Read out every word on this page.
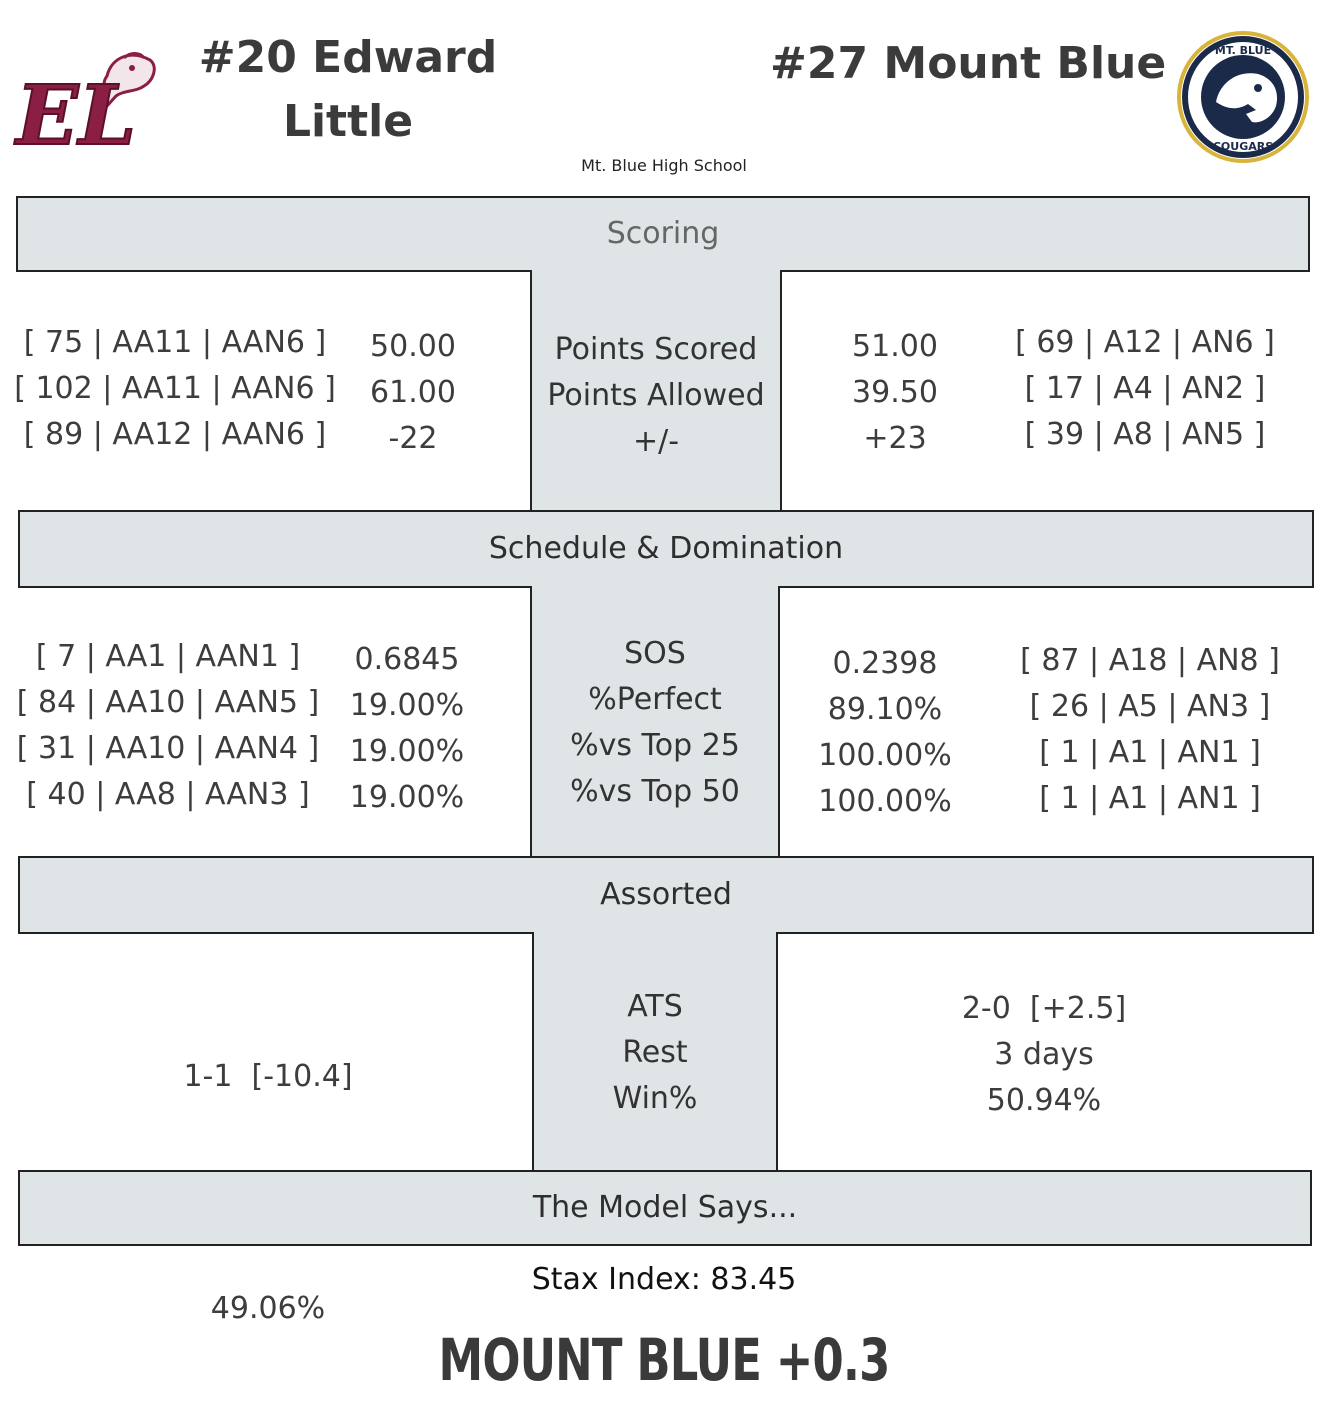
EL
#20 Edward Little
#27 Mount Blue	MT. BLUE
COUGARS
Mt. Blue High School
Scoring
Points Scored
Points Allowed
+/-
[ 75 | AA11 | AAN6 ]
[ 102 | AA11 | AAN6 ]
[ 89 | AA12 | AAN6 ]
50.00
61.00
-22
51.00
39.50
+23
[ 69 | A12 | AN6 ]
[ 17 | A4 | AN2 ]
[ 39 | A8 | AN5 ]
Schedule & Domination
SOS
%Perfect
%vs Top 25
%vs Top 50
[ 7 | AA1 | AAN1 ]
[ 84 | AA10 | AAN5 ]
[ 31 | AA10 | AAN4 ]
[ 40 | AA8 | AAN3 ]
0.6845
19.00%
19.00%
19.00%
0.2398
89.10%
100.00%
100.00%
[ 87 | A18 | AN8 ]
[ 26 | A5 | AN3 ]
[ 1 | A1 | AN1 ]
[ 1 | A1 | AN1 ]
Assorted
ATS
Rest
Win%

1-1  [-10.4]

49.06%

2-0  [+2.5]
3 days
50.94%
The Model Says...
Stax Index: 83.45
MOUNT BLUE +0.3
